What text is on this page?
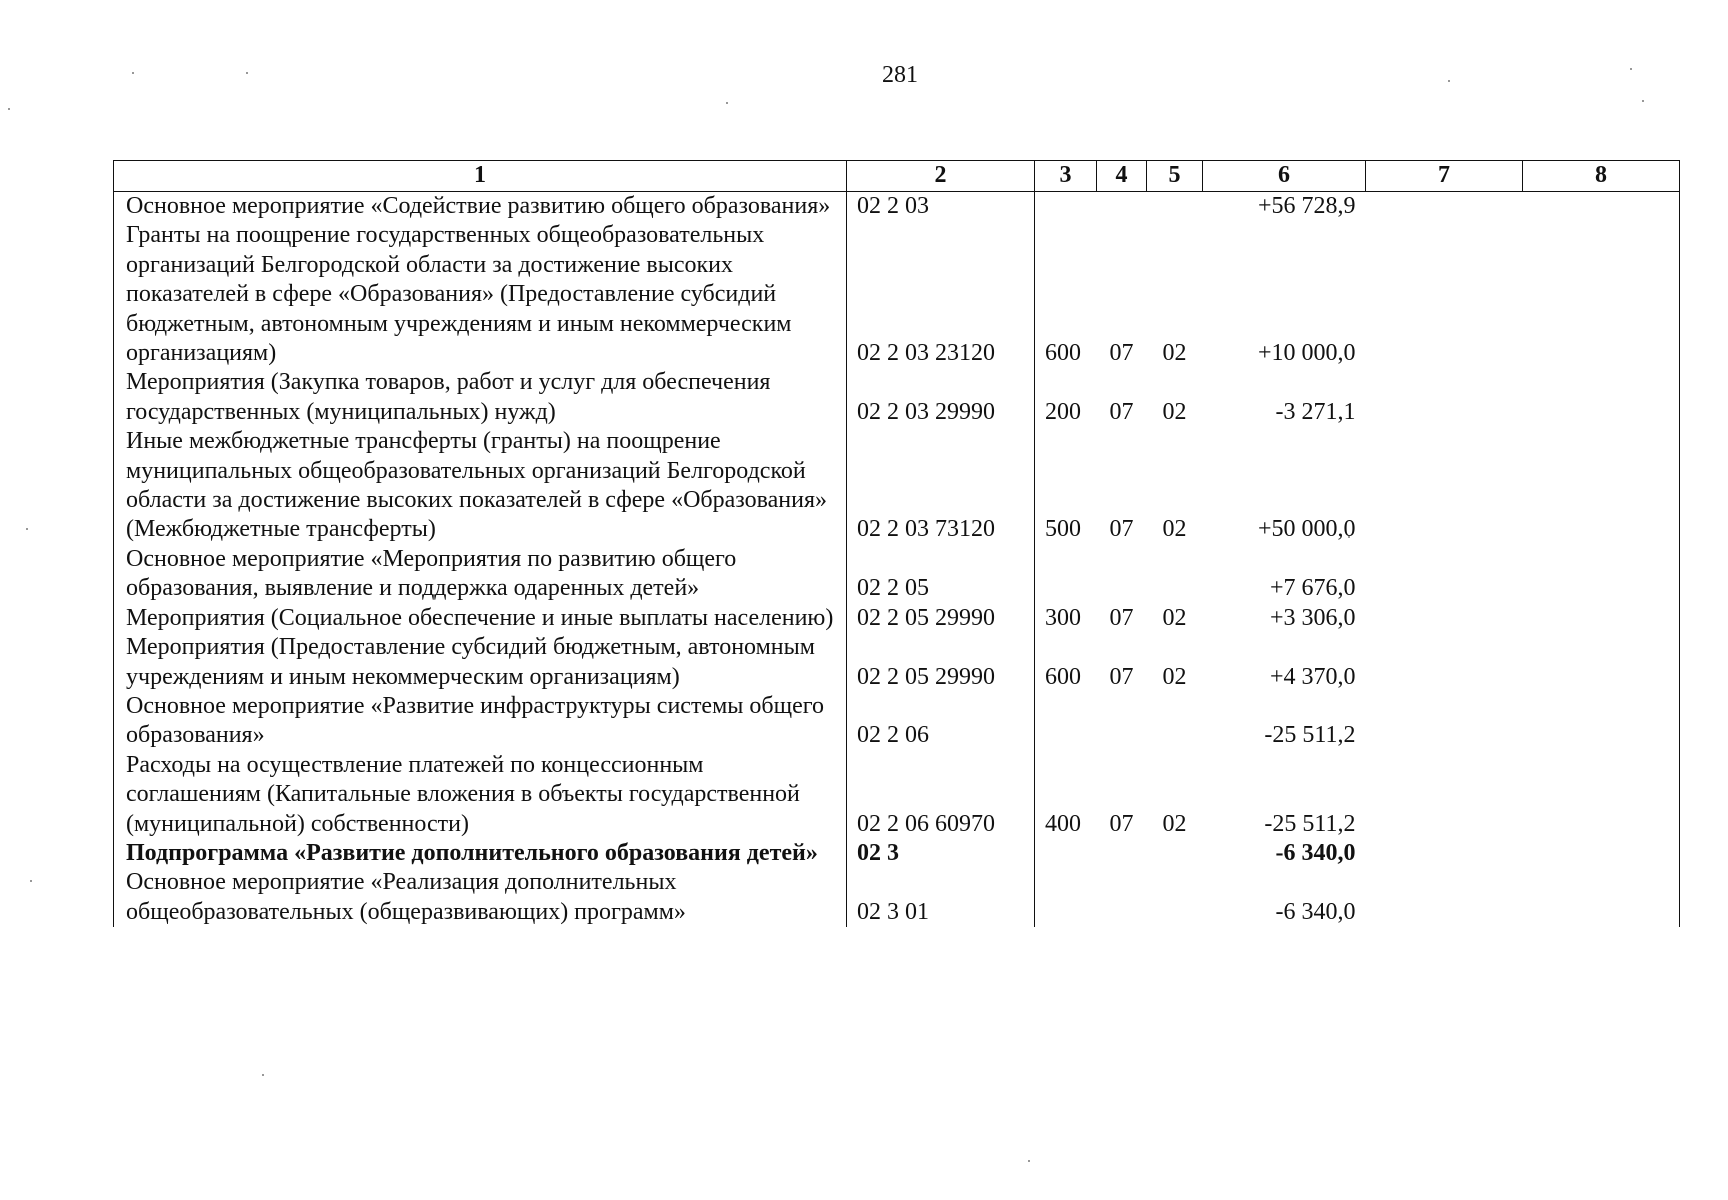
281
1	2	3	4	5	6	7	8
Основное мероприятие «Содействие развитию общего образования»	02 2 03				+56 728,9		
Гранты на поощрение государственных общеобразовательных организаций Белгородской области за достижение высоких показателей в сфере «Образования» (Предоставление субсидий бюджетным, автономным учреждениям и иным некоммерческим организациям)	02 2 03 23120	600	07	02	+10 000,0		
Мероприятия (Закупка товаров, работ и услуг для обеспечения государственных (муниципальных) нужд)	02 2 03 29990	200	07	02	-3 271,1		
Иные межбюджетные трансферты (гранты) на поощрение муниципальных общеобразовательных организаций Белгородской области за достижение высоких показателей в сфере «Образования» (Межбюджетные трансферты)	02 2 03 73120	500	07	02	+50 000,0		
Основное мероприятие «Мероприятия по развитию общего образования, выявление и поддержка одаренных детей»	02 2 05				+7 676,0		
Мероприятия (Социальное обеспечение и иные выплаты населению)	02 2 05 29990	300	07	02	+3 306,0		
Мероприятия (Предоставление субсидий бюджетным, автономным учреждениям и иным некоммерческим организациям)	02 2 05 29990	600	07	02	+4 370,0		
Основное мероприятие «Развитие инфраструктуры системы общего образования»	02 2 06				-25 511,2		
Расходы на осуществление платежей по концессионным соглашениям (Капитальные вложения в объекты государственной (муниципальной) собственности)	02 2 06 60970	400	07	02	-25 511,2		
Подпрограмма «Развитие дополнительного образования детей»	02 3				-6 340,0		
Основное мероприятие «Реализация дополнительных общеобразовательных (общеразвивающих) программ»	02 3 01				-6 340,0		
